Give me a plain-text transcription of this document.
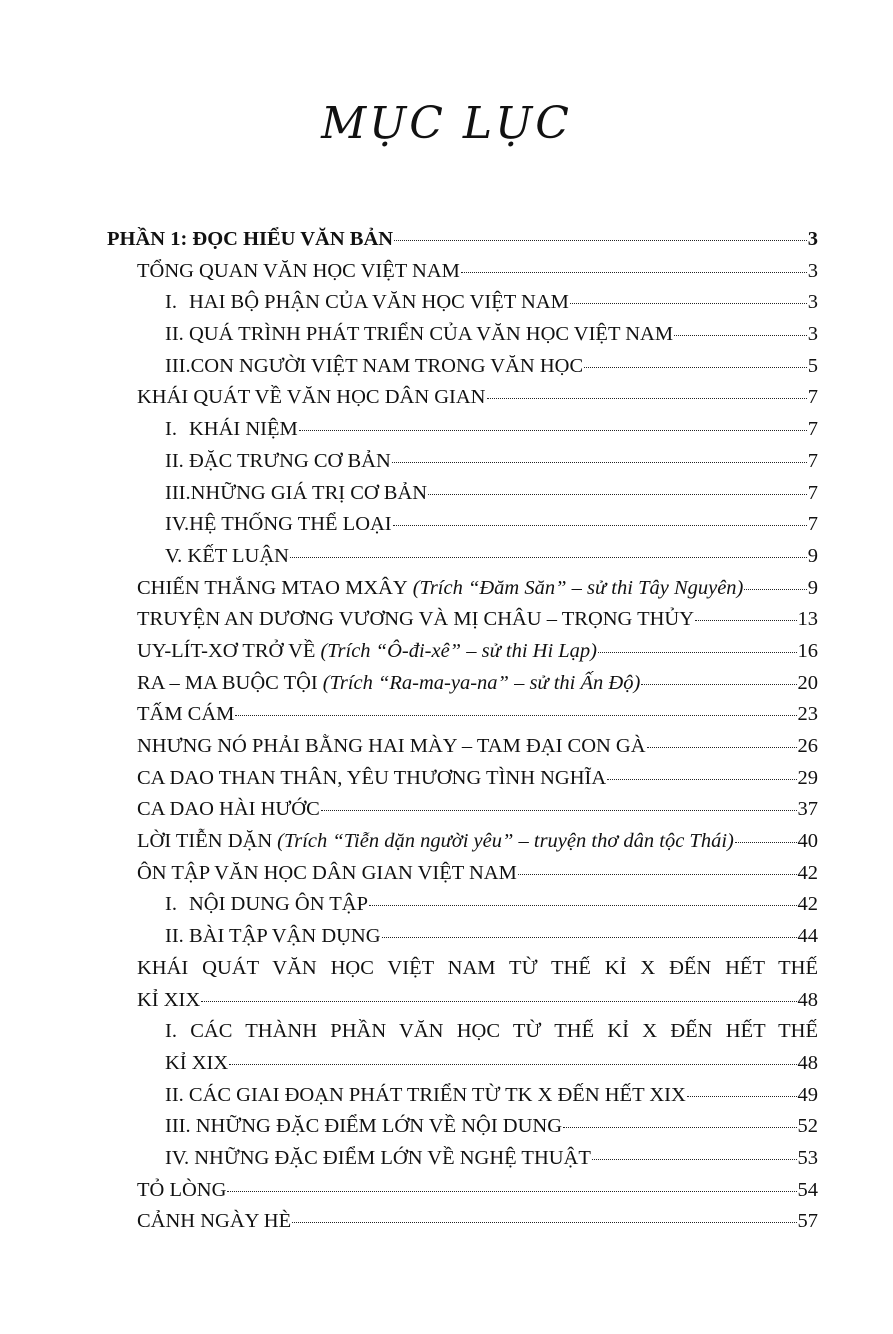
MỤC LỤC
PHẦN 1: ĐỌC HIỂU VĂN BẢN	3
TỔNG QUAN VĂN HỌC VIỆT NAM	3
I. HAI BỘ PHẬN CỦA VĂN HỌC VIỆT NAM	3
II. QUÁ TRÌNH PHÁT TRIỂN CỦA VĂN HỌC VIỆT NAM	3
III.CON NGƯỜI VIỆT NAM TRONG VĂN HỌC	5
KHÁI QUÁT VỀ VĂN HỌC DÂN GIAN	7
I. KHÁI NIỆM	7
II. ĐẶC TRƯNG CƠ BẢN	7
III.NHỮNG GIÁ TRỊ CƠ BẢN	7
IV.HỆ THỐNG THỂ LOẠI	7
V. KẾT LUẬN	9
CHIẾN THẮNG MTAO MXÂY (Trích “Đăm Săn” – sử thi Tây Nguyên)	9
TRUYỆN AN DƯƠNG VƯƠNG VÀ MỊ CHÂU – TRỌNG THỦY	13
UY-LÍT-XƠ TRỞ VỀ (Trích “Ô-đi-xê” – sử thi Hi Lạp)	16
RA – MA BUỘC TỘI (Trích “Ra-ma-ya-na” – sử thi Ấn Độ)	20
TẤM CÁM	23
NHƯNG NÓ PHẢI BẰNG HAI MÀY – TAM ĐẠI CON GÀ	26
CA DAO THAN THÂN, YÊU THƯƠNG TÌNH NGHĨA	29
CA DAO HÀI HƯỚC	37
LỜI TIỄN DẶN (Trích “Tiễn dặn người yêu” – truyện thơ dân tộc Thái)	40
ÔN TẬP VĂN HỌC DÂN GIAN VIỆT NAM	42
I. NỘI DUNG ÔN TẬP	42
II. BÀI TẬP VẬN DỤNG	44
KHÁI QUÁT VĂN HỌC VIỆT NAM TỪ THẾ KỈ X ĐẾN HẾT THẾ
KỈ XIX	48
I. CÁC THÀNH PHẦN VĂN HỌC TỪ THẾ KỈ X ĐẾN HẾT THẾ
KỈ XIX	48
II. CÁC GIAI ĐOẠN PHÁT TRIỂN TỪ TK X ĐẾN HẾT XIX	49
III. NHỮNG ĐẶC ĐIỂM LỚN VỀ NỘI DUNG	52
IV. NHỮNG ĐẶC ĐIỂM LỚN VỀ NGHỆ THUẬT	53
TỎ LÒNG	54
CẢNH NGÀY HÈ	57
